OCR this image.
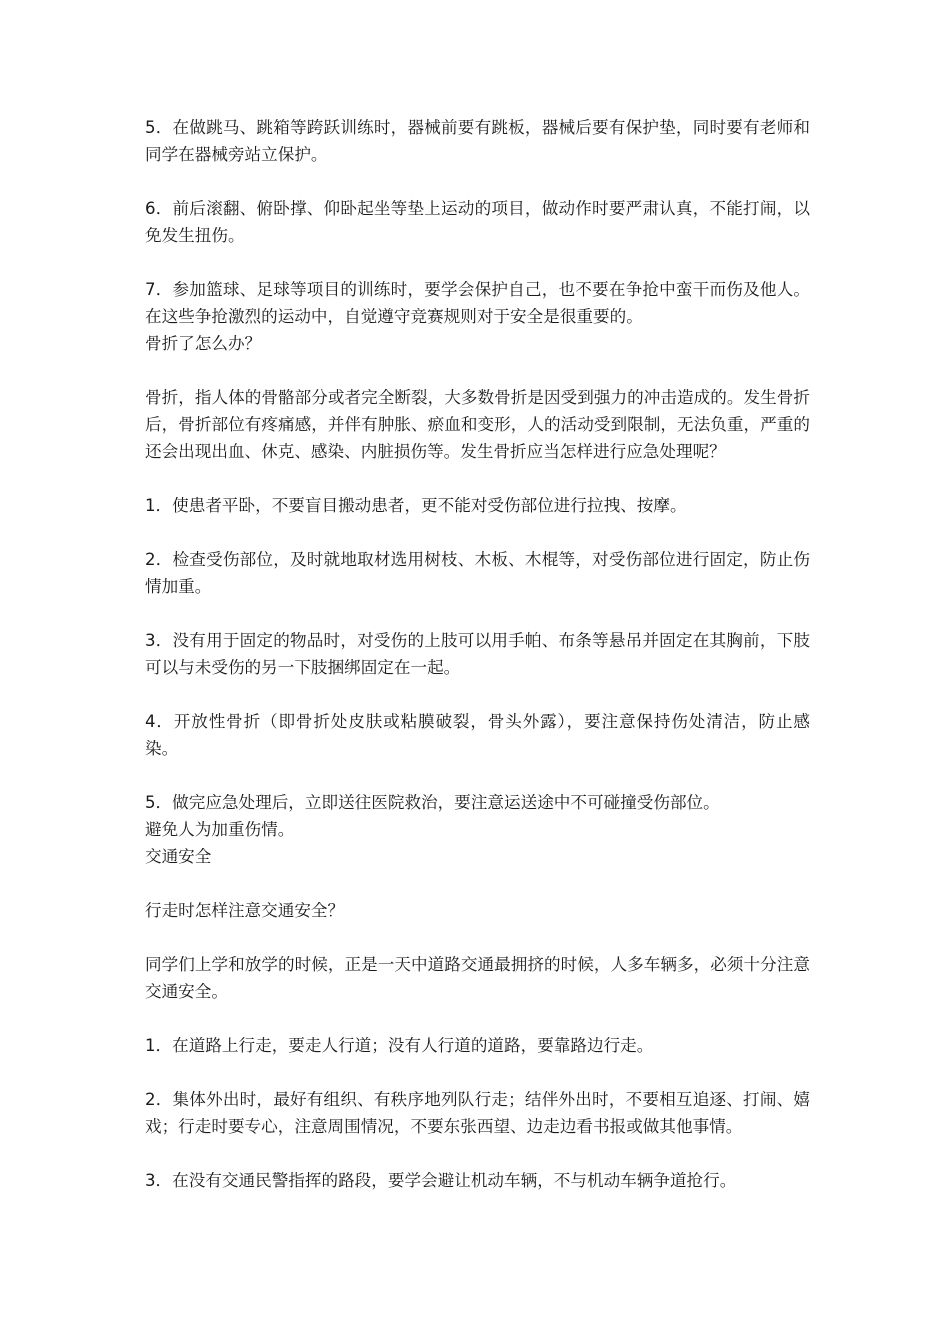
5．在做跳马、跳箱等跨跃训练时，器械前要有跳板，器械后要有保护垫，同时要有老师和同学在器械旁站立保护。

6．前后滚翻、俯卧撑、仰卧起坐等垫上运动的项目，做动作时要严肃认真，不能打闹，以免发生扭伤。

7．参加篮球、足球等项目的训练时，要学会保护自己，也不要在争抢中蛮干而伤及他人。在这些争抢激烈的运动中，自觉遵守竞赛规则对于安全是很重要的。

骨折了怎么办？

骨折，指人体的骨骼部分或者完全断裂，大多数骨折是因受到强力的冲击造成的。发生骨折后，骨折部位有疼痛感，并伴有肿胀、瘀血和变形，人的活动受到限制，无法负重，严重的还会出现出血、休克、感染、内脏损伤等。发生骨折应当怎样进行应急处理呢？

1．使患者平卧，不要盲目搬动患者，更不能对受伤部位进行拉拽、按摩。

2．检查受伤部位，及时就地取材选用树枝、木板、木棍等，对受伤部位进行固定，防止伤情加重。

3．没有用于固定的物品时，对受伤的上肢可以用手帕、布条等悬吊并固定在其胸前，下肢可以与未受伤的另一下肢捆绑固定在一起。

4．开放性骨折（即骨折处皮肤或粘膜破裂，骨头外露），要注意保持伤处清洁，防止感染。

5．做完应急处理后，立即送往医院救治，要注意运送途中不可碰撞受伤部位。

避免人为加重伤情。

交通安全

行走时怎样注意交通安全？

同学们上学和放学的时候，正是一天中道路交通最拥挤的时候，人多车辆多，必须十分注意交通安全。

1．在道路上行走，要走人行道；没有人行道的道路，要靠路边行走。

2．集体外出时，最好有组织、有秩序地列队行走；结伴外出时，不要相互追逐、打闹、嬉戏；行走时要专心，注意周围情况，不要东张西望、边走边看书报或做其他事情。

3．在没有交通民警指挥的路段，要学会避让机动车辆，不与机动车辆争道抢行。
